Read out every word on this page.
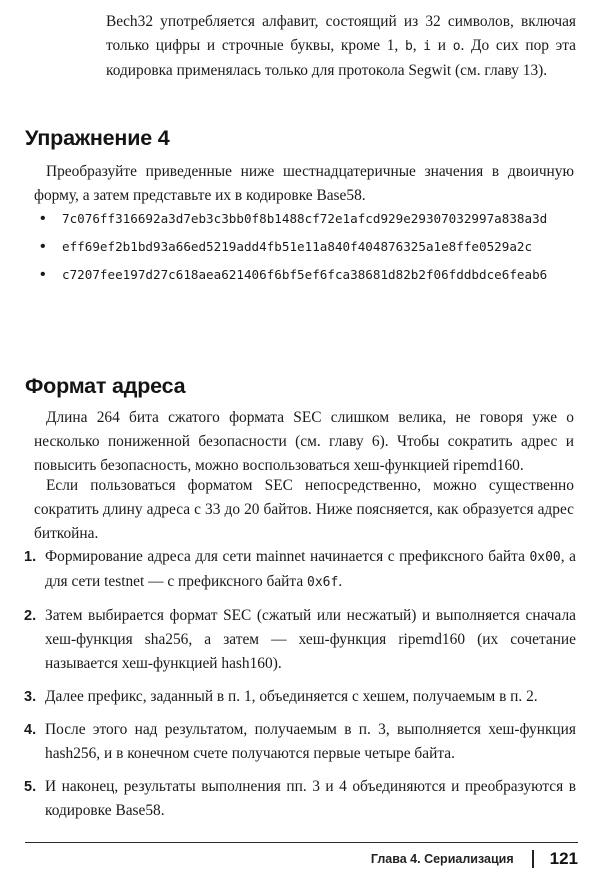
Bech32 употребляется алфавит, состоящий из 32 символов, включая только цифры и строчные буквы, кроме 1, b, i и o. До сих пор эта кодировка применялась только для протокола Segwit (см. главу 13).

Упражнение 4

Преобразуйте приведенные ниже шестнадцатеричные значения в двоичную форму, а затем представьте их в кодировке Base58.

• 7c076ff316692a3d7eb3c3bb0f8b1488cf72e1afcd929e29307032997a838a3d
• eff69ef2b1bd93a66ed5219add4fb51e11a840f404876325a1e8ffe0529a2c
• c7207fee197d27c618aea621406f6bf5ef6fca38681d82b2f06fddbdce6feab6
Формат адреса

Длина 264 бита сжатого формата SEC слишком велика, не говоря уже о несколько пониженной безопасности (см. главу 6). Чтобы сократить адрес и повысить безопасность, можно воспользоваться хеш-функцией ripemd160.

Если пользоваться форматом SEC непосредственно, можно существенно сократить длину адреса с 33 до 20 байтов. Ниже поясняется, как образуется адрес биткойна.

1. Формирование адреса для сети mainnet начинается с префиксного байта 0x00, а для сети testnet — с префиксного байта 0x6f.
2. Затем выбирается формат SEC (сжатый или несжатый) и выполняется сначала хеш-функция sha256, а затем — хеш-функция ripemd160 (их сочетание называется хеш-функцией hash160).
3. Далее префикс, заданный в п. 1, объединяется с хешем, получаемым в п. 2.
4. После этого над результатом, получаемым в п. 3, выполняется хеш-функция hash256, и в конечном счете получаются первые четыре байта.
5. И наконец, результаты выполнения пп. 3 и 4 объединяются и преобразуются в кодировке Base58.
Глава 4. Сериализация 121
